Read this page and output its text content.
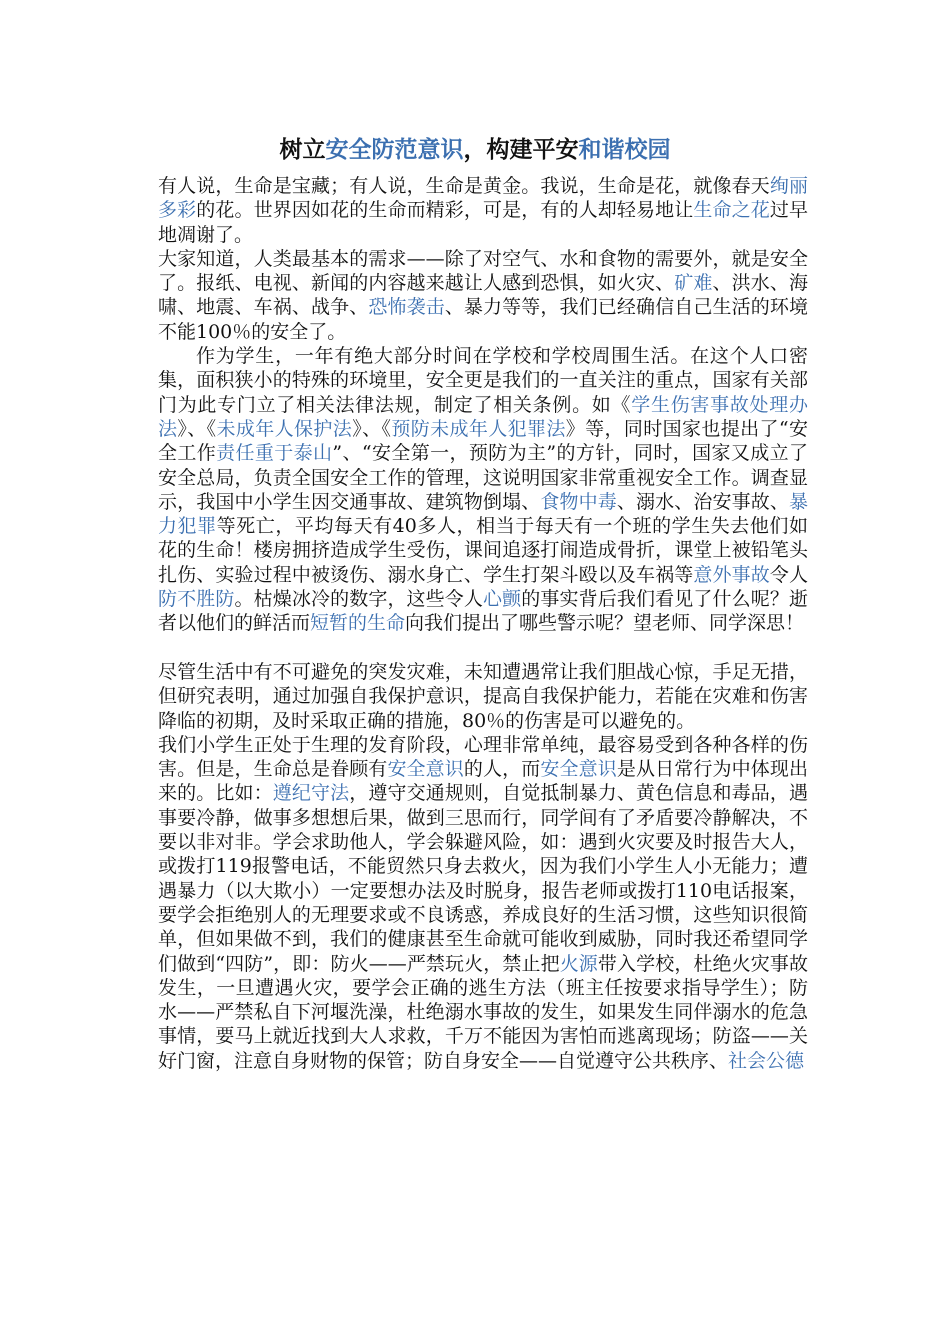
树立安全防范意识，构建平安和谐校园

有人说，生命是宝藏；有人说，生命是黄金。我说，生命是花，就像春天绚丽多彩的花。世界因如花的生命而精彩，可是，有的人却轻易地让生命之花过早地凋谢了。

大家知道，人类最基本的需求——除了对空气、水和食物的需要外，就是安全了。报纸、电视、新闻的内容越来越让人感到恐惧，如火灾、矿难、洪水、海啸、地震、车祸、战争、恐怖袭击、暴力等等，我们已经确信自己生活的环境不能100％的安全了。

作为学生，一年有绝大部分时间在学校和学校周围生活。在这个人口密集，面积狭小的特殊的环境里，安全更是我们的一直关注的重点，国家有关部门为此专门立了相关法律法规，制定了相关条例。如《学生伤害事故处理办法》、《未成年人保护法》、《预防未成年人犯罪法》等，同时国家也提出了“安全工作责任重于泰山”、“安全第一，预防为主”的方针，同时，国家又成立了安全总局，负责全国安全工作的管理，这说明国家非常重视安全工作。调查显示，我国中小学生因交通事故、建筑物倒塌、食物中毒、溺水、治安事故、暴力犯罪等死亡，平均每天有40多人，相当于每天有一个班的学生失去他们如花的生命！楼房拥挤造成学生受伤，课间追逐打闹造成骨折，课堂上被铅笔头扎伤、实验过程中被烫伤、溺水身亡、学生打架斗殴以及车祸等意外事故令人防不胜防。枯燥冰冷的数字，这些令人心颤的事实背后我们看见了什么呢？逝者以他们的鲜活而短暂的生命向我们提出了哪些警示呢？望老师、同学深思！

尽管生活中有不可避免的突发灾难，未知遭遇常让我们胆战心惊，手足无措，但研究表明，通过加强自我保护意识，提高自我保护能力，若能在灾难和伤害降临的初期，及时采取正确的措施，80％的伤害是可以避免的。

我们小学生正处于生理的发育阶段，心理非常单纯，最容易受到各种各样的伤害。但是，生命总是眷顾有安全意识的人，而安全意识是从日常行为中体现出来的。比如：遵纪守法，遵守交通规则，自觉抵制暴力、黄色信息和毒品，遇事要冷静，做事多想想后果，做到三思而行，同学间有了矛盾要冷静解决，不要以非对非。学会求助他人，学会躲避风险，如：遇到火灾要及时报告大人，或拨打119报警电话，不能贸然只身去救火，因为我们小学生人小无能力；遭遇暴力（以大欺小）一定要想办法及时脱身，报告老师或拨打110电话报案，要学会拒绝别人的无理要求或不良诱惑，养成良好的生活习惯，这些知识很简单，但如果做不到，我们的健康甚至生命就可能收到威胁，同时我还希望同学们做到“四防”，即：防火——严禁玩火，禁止把火源带入学校，杜绝火灾事故发生，一旦遭遇火灾，要学会正确的逃生方法（班主任按要求指导学生）；防水——严禁私自下河堰洗澡，杜绝溺水事故的发生，如果发生同伴溺水的危急事情，要马上就近找到大人求救，千万不能因为害怕而逃离现场；防盗——关好门窗，注意自身财物的保管；防自身安全——自觉遵守公共秩序、社会公德
